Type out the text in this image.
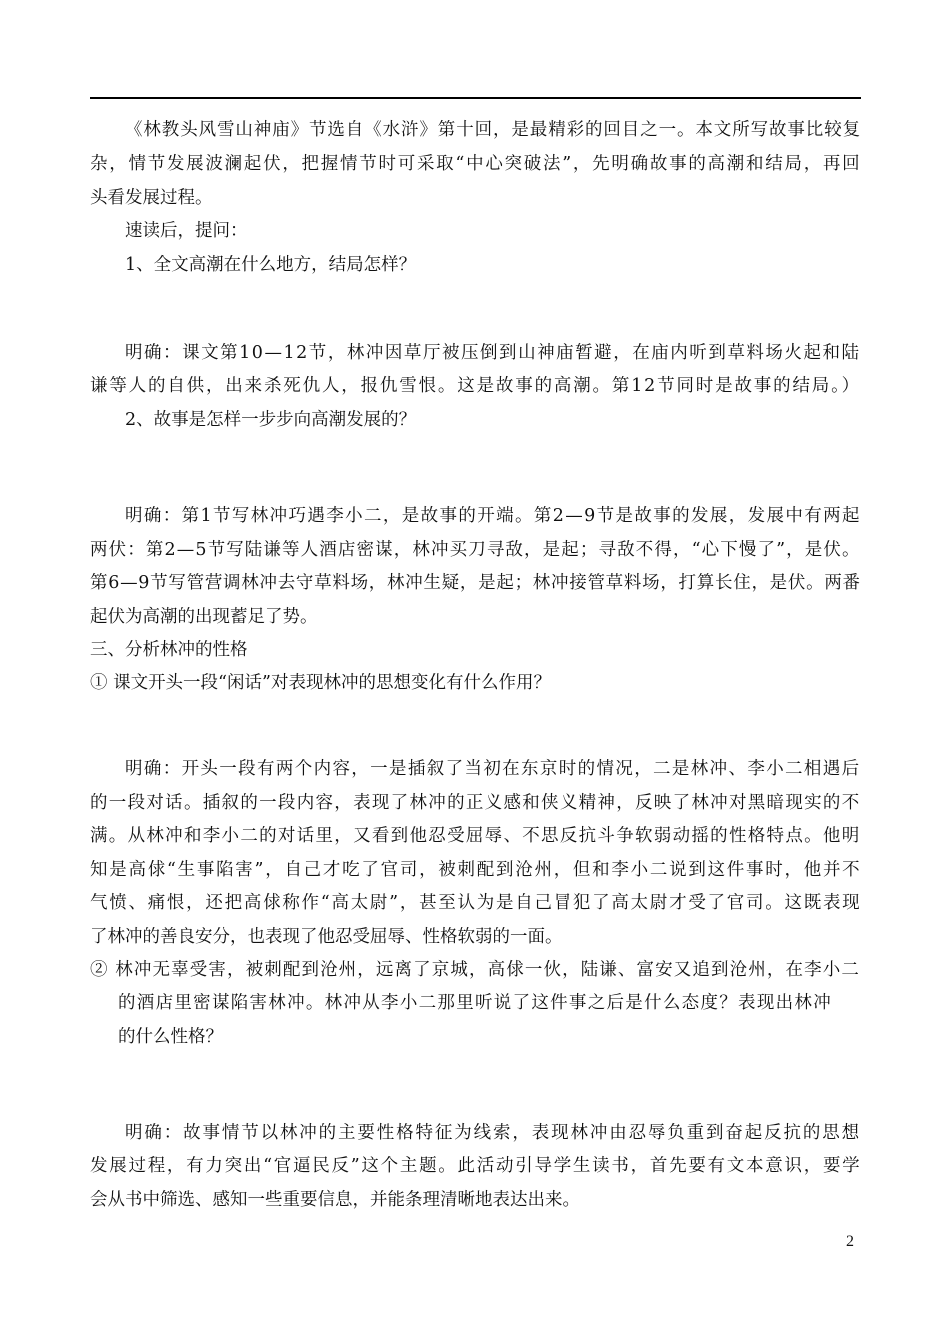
《林教头风雪山神庙》节选自《水浒》第十回，是最精彩的回目之一。本文所写故事比较复
杂，情节发展波澜起伏，把握情节时可采取“中心突破法”，先明确故事的高潮和结局，再回
头看发展过程。
速读后，提问：
1、全文高潮在什么地方，结局怎样？
明确：课文第10—12节，林冲因草厅被压倒到山神庙暂避，在庙内听到草料场火起和陆
谦等人的自供，出来杀死仇人，报仇雪恨。这是故事的高潮。第12节同时是故事的结局。）
2、故事是怎样一步步向高潮发展的？
明确：第1节写林冲巧遇李小二，是故事的开端。第2—9节是故事的发展，发展中有两起
两伏：第2—5节写陆谦等人酒店密谋，林冲买刀寻敌，是起；寻敌不得，“心下慢了”，是伏。
第6—9节写管营调林冲去守草料场，林冲生疑，是起；林冲接管草料场，打算长住，是伏。两番
起伏为高潮的出现蓄足了势。
三、分析林冲的性格
① 课文开头一段“闲话”对表现林冲的思想变化有什么作用？
明确：开头一段有两个内容，一是插叙了当初在东京时的情况，二是林冲、李小二相遇后
的一段对话。插叙的一段内容，表现了林冲的正义感和侠义精神，反映了林冲对黑暗现实的不
满。从林冲和李小二的对话里，又看到他忍受屈辱、不思反抗斗争软弱动摇的性格特点。他明
知是高俅“生事陷害”，自己才吃了官司，被刺配到沧州，但和李小二说到这件事时，他并不
气愤、痛恨，还把高俅称作“高太尉”，甚至认为是自己冒犯了高太尉才受了官司。这既表现
了林冲的善良安分，也表现了他忍受屈辱、性格软弱的一面。
② 林冲无辜受害，被刺配到沧州，远离了京城，高俅一伙，陆谦、富安又追到沧州，在李小二
的酒店里密谋陷害林冲。林冲从李小二那里听说了这件事之后是什么态度？表现出林冲
的什么性格？
明确：故事情节以林冲的主要性格特征为线索，表现林冲由忍辱负重到奋起反抗的思想
发展过程，有力突出“官逼民反”这个主题。此活动引导学生读书，首先要有文本意识，要学
会从书中筛选、感知一些重要信息，并能条理清晰地表达出来。
2
